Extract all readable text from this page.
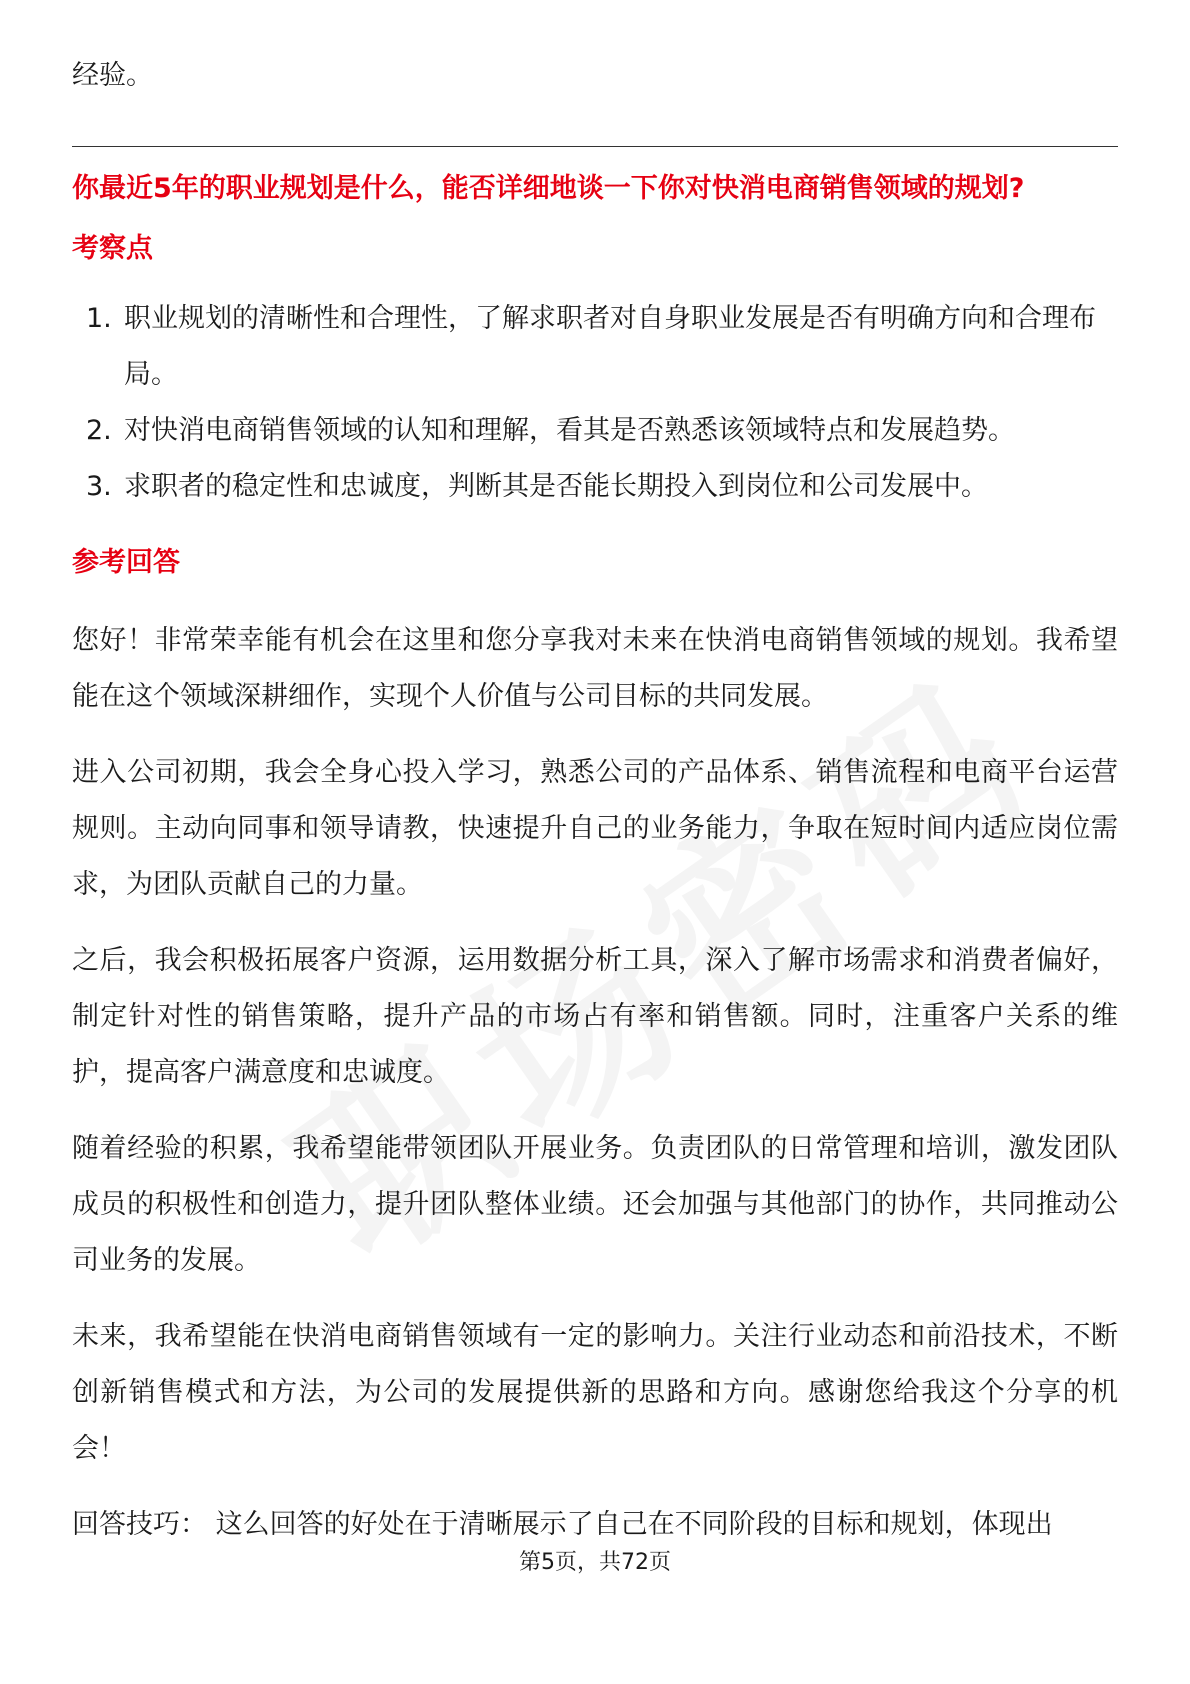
经验。

你最近5年的职业规划是什么，能否详细地谈一下你对快消电商销售领域的规划?

考察点

1. 职业规划的清晰性和合理性，了解求职者对自身职业发展是否有明确方向和合理布局。
2. 对快消电商销售领域的认知和理解，看其是否熟悉该领域特点和发展趋势。
3. 求职者的稳定性和忠诚度，判断其是否能长期投入到岗位和公司发展中。

参考回答

您好！非常荣幸能有机会在这里和您分享我对未来在快消电商销售领域的规划。我希望能在这个领域深耕细作，实现个人价值与公司目标的共同发展。

进入公司初期，我会全身心投入学习，熟悉公司的产品体系、销售流程和电商平台运营规则。主动向同事和领导请教，快速提升自己的业务能力，争取在短时间内适应岗位需求，为团队贡献自己的力量。

之后，我会积极拓展客户资源，运用数据分析工具，深入了解市场需求和消费者偏好，制定针对性的销售策略，提升产品的市场占有率和销售额。同时，注重客户关系的维护，提高客户满意度和忠诚度。

随着经验的积累，我希望能带领团队开展业务。负责团队的日常管理和培训，激发团队成员的积极性和创造力，提升团队整体业绩。还会加强与其他部门的协作，共同推动公司业务的发展。

未来，我希望能在快消电商销售领域有一定的影响力。关注行业动态和前沿技术，不断创新销售模式和方法，为公司的发展提供新的思路和方向。感谢您给我这个分享的机会！

回答技巧： 这么回答的好处在于清晰展示了自己在不同阶段的目标和规划，体现出

第5页，共72页
